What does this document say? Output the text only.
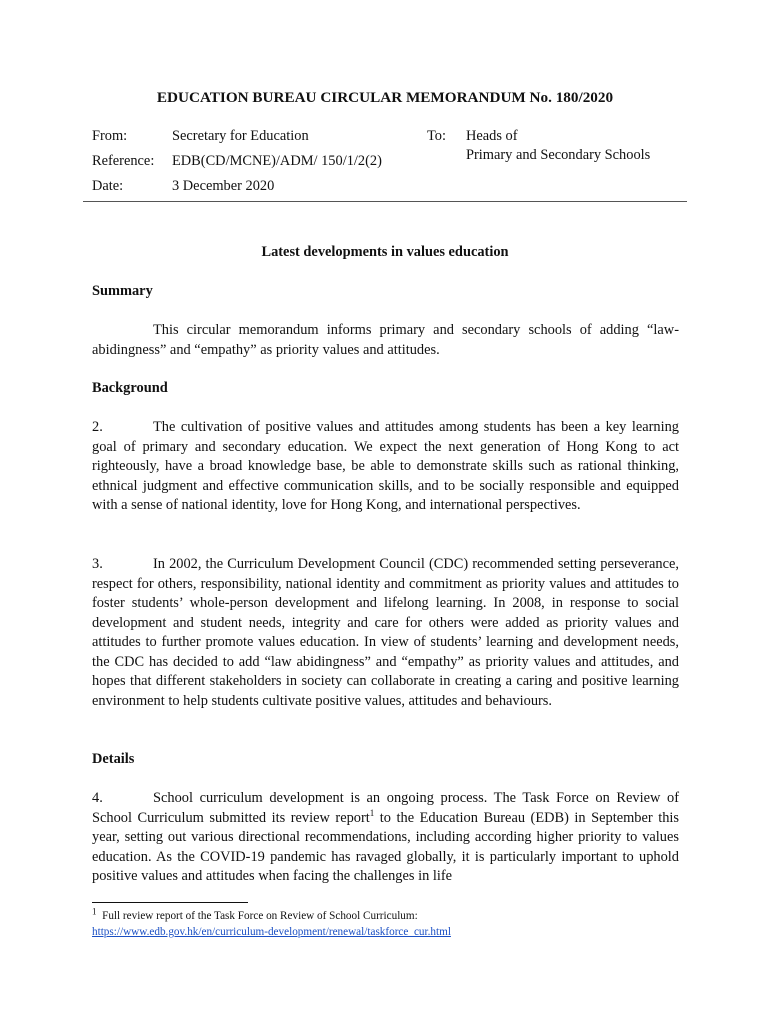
EDUCATION BUREAU CIRCULAR MEMORANDUM No. 180/2020
From:	Secretary for Education
Reference: EDB(CD/MCNE)/ADM/ 150/1/2(2)
Date:	3 December 2020
To: Heads of
Primary and Secondary Schools
Latest developments in values education
Summary
This circular memorandum informs primary and secondary schools of adding “law-abidingness” and “empathy” as priority values and attitudes.
Background
2.	The cultivation of positive values and attitudes among students has been a key learning goal of primary and secondary education. We expect the next generation of Hong Kong to act righteously, have a broad knowledge base, be able to demonstrate skills such as rational thinking, ethnical judgment and effective communication skills, and to be socially responsible and equipped with a sense of national identity, love for Hong Kong, and international perspectives.
3.	In 2002, the Curriculum Development Council (CDC) recommended setting perseverance, respect for others, responsibility, national identity and commitment as priority values and attitudes to foster students’ whole-person development and lifelong learning. In 2008, in response to social development and student needs, integrity and care for others were added as priority values and attitudes to further promote values education. In view of students’ learning and development needs, the CDC has decided to add “law abidingness” and “empathy” as priority values and attitudes, and hopes that different stakeholders in society can collaborate in creating a caring and positive learning environment to help students cultivate positive values, attitudes and behaviours.
Details
4.	School curriculum development is an ongoing process. The Task Force on Review of School Curriculum submitted its review report$^1$ to the Education Bureau (EDB) in September this year, setting out various directional recommendations, including according higher priority to values education. As the COVID-19 pandemic has ravaged globally, it is particularly important to uphold positive values and attitudes when facing the challenges in life
$^1$ Full review report of the Task Force on Review of School Curriculum:
https://www.edb.gov.hk/en/curriculum-development/renewal/taskforce_cur.html
